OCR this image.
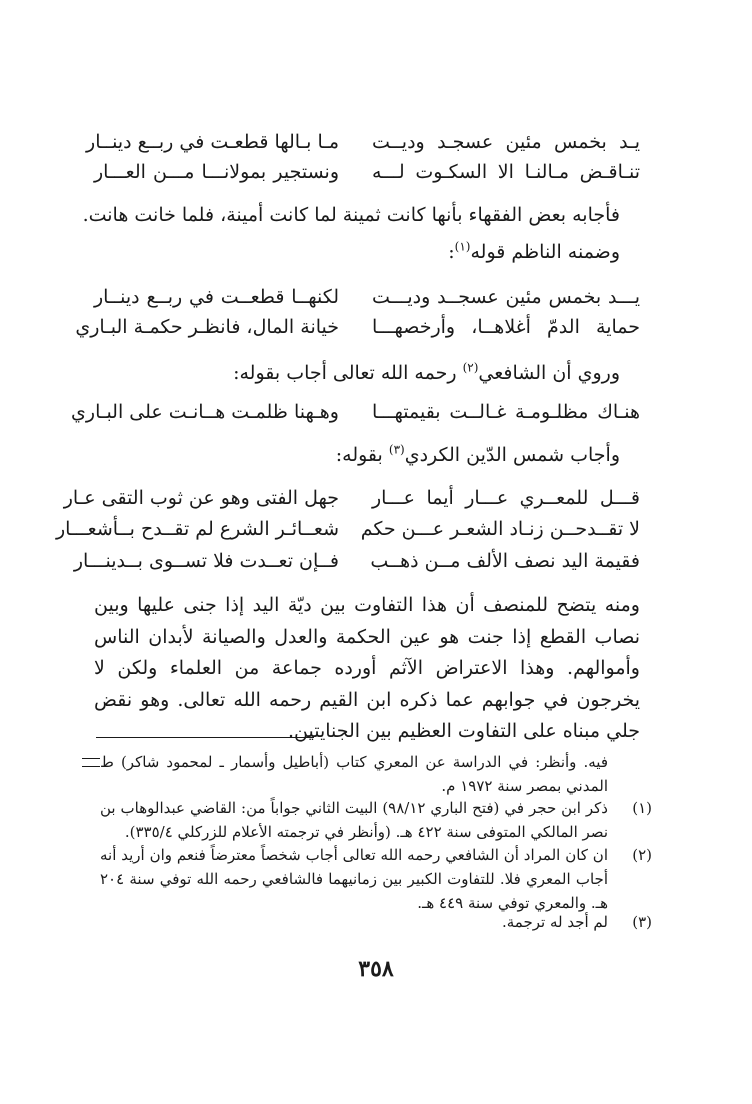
يـد بخمس مئين عسجـد وديــت
مـا بـالها قطعـت في ربــع دينــار
تنـاقـض مـالنـا الا السكـوت لـــه
ونستجير بمولانـــا مـــن العـــار
فأجابه بعض الفقهاء بأنها كانت ثمينة لما كانت أمينة، فلما خانت هانت.
وضمنه الناظم قوله$^{(١)}$:
يـــد بخمس مئين عسجــد وديـــت
لكنهــا قطعــت في ربــع دينــار
حماية الدمّ أغلاهــا، وأرخصهـــا
خيانة المال، فانظـر حكمـة البـاري
وروي أن الشافعي$^{(٢)}$ رحمه الله تعالى أجاب بقوله:
هنـاك مظلـومـة غـالــت بقيمتهـــا
وهـهنا ظلمـت هــانـت على البـاري
وأجاب شمس الدّين الكردي$^{(٣)}$ بقوله:
قـــل للمعــري عـــار أيما عـــار
جهل الفتى وهو عن ثوب التقى عـار
لا تقــدحــن زنـاد الشعـر عـــن حكم
شعــائـر الشرع لم تقــدح بــأشعـــار
فقيمة اليد نصف الألف مــن ذهــب
فــإن تعــدت فلا تســوى بــدينـــار
ومنه يتضح للمنصف أن هذا التفاوت بين ديّة اليد إذا جنى عليها وبين نصاب القطع إذا جنت هو عين الحكمة والعدل والصيانة لأبدان الناس وأموالهم. وهذا الاعتراض الآثم أورده جماعة من العلماء ولكن لا يخرجون في جوابهم عما ذكره ابن القيم رحمه الله تعالى. وهو نقض جلي مبناه على التفاوت العظيم بين الجنايتين.
فيه. وأنظر: في الدراسة عن المعري كتاب (أباطيل وأسمار ـ لمحمود شاكر) ط المدني بمصر سنة ١٩٧٢ م.
(١)
ذكر ابن حجر في (فتح الباري ٩٨/١٢) البيت الثاني جواباً من: القاضي عبدالوهاب بن نصر المالكي المتوفى سنة ٤٢٢ هـ. (وأنظر في ترجمته الأعلام للزركلي ٣٣٥/٤).
(٢)
ان كان المراد أن الشافعي رحمه الله تعالى أجاب شخصاً معترضاً فنعم وان أريد أنه أجاب المعري فلا. للتفاوت الكبير بين زمانيهما فالشافعي رحمه الله توفي سنة ٢٠٤ هـ. والمعري توفي سنة ٤٤٩ هـ.
(٣)
لم أجد له ترجمة.
٣٥٨
